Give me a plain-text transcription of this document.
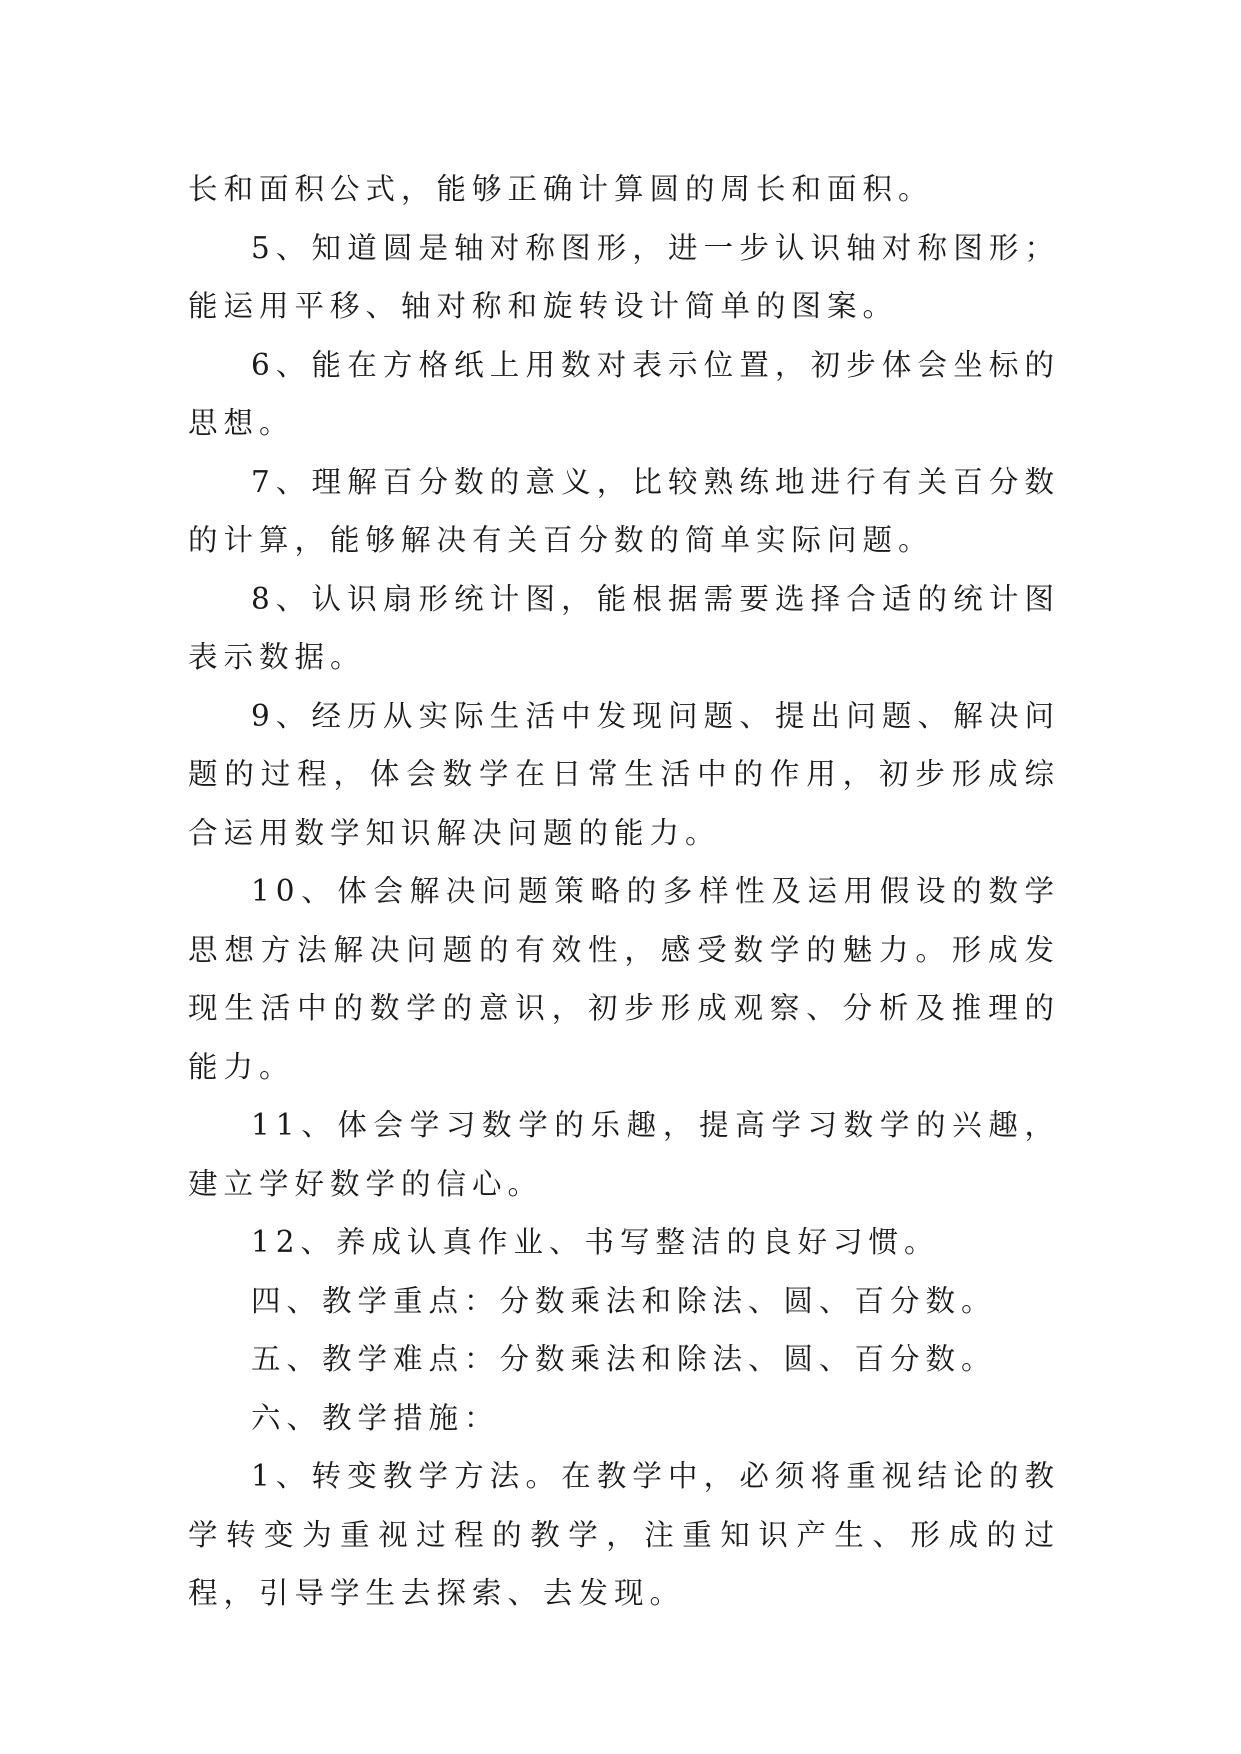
长和面积公式，能够正确计算圆的周长和面积。

5、知道圆是轴对称图形，进一步认识轴对称图形；能运用平移、轴对称和旋转设计简单的图案。

6、能在方格纸上用数对表示位置，初步体会坐标的思想。

7、理解百分数的意义，比较熟练地进行有关百分数的计算，能够解决有关百分数的简单实际问题。

8、认识扇形统计图，能根据需要选择合适的统计图表示数据。

9、经历从实际生活中发现问题、提出问题、解决问题的过程，体会数学在日常生活中的作用，初步形成综合运用数学知识解决问题的能力。

10、体会解决问题策略的多样性及运用假设的数学思想方法解决问题的有效性，感受数学的魅力。形成发现生活中的数学的意识，初步形成观察、分析及推理的能力。

11、体会学习数学的乐趣，提高学习数学的兴趣，建立学好数学的信心。

12、养成认真作业、书写整洁的良好习惯。

四、教学重点：分数乘法和除法、圆、百分数。

五、教学难点：分数乘法和除法、圆、百分数。

六、教学措施：

1、转变教学方法。在教学中，必须将重视结论的教学转变为重视过程的教学，注重知识产生、形成的过程，引导学生去探索、去发现。
